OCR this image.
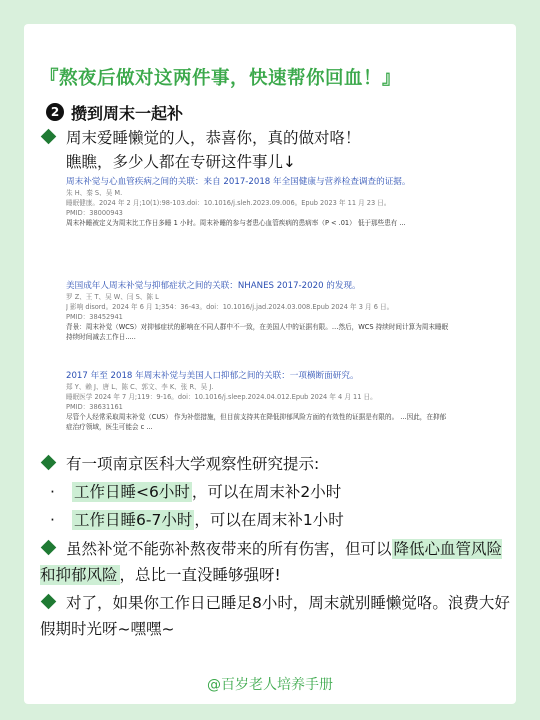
『熬夜后做对这两件事，快速帮你回血！』
2 攒到周末一起补
周末爱睡懒觉的人，恭喜你，真的做对咯！
瞧瞧，多少人都在专研这件事儿↓
周末补觉与心血管疾病之间的关联：来自 2017-2018 年全国健康与营养检查调查的证据。
朱 H、秦 S、吴 M.
睡眠健康。2024 年 2 月;10(1):98-103.doi：10.1016/j.sleh.2023.09.006。Epub 2023 年 11 月 23 日。
PMID：38000943
周末补睡被定义为周末比工作日多睡 1 小时。周末补睡的参与者患心血管疾病的患病率（P < .01） 低于那些患有 ...
美国成年人周末补觉与抑郁症状之间的关联：NHANES 2017-2020 的发现。
罗 Z、王 T、吴 W、闫 S、陈 L
J 影响 disord。2024 年 6 月 1;354：36-43。doi：10.1016/j.jad.2024.03.008.Epub 2024 年 3 月 6 日。
PMID：38452941
背景：周末补觉（WCS）对抑郁症状的影响在不同人群中不一致，在美国人中的证据有限。…然后，WCS 持续时间计算为周末睡眠持续时间减去工作日.....
2017 年至 2018 年周末补觉与美国人口抑郁之间的关联：一项横断面研究。
郑 Y、赖 J、唐 L、陈 C、郭文、李 K、张 R、吴 J.
睡眠医学 2024 年 7 月;119：9-16。doi：10.1016/j.sleep.2024.04.012.Epub 2024 年 4 月 11 日。
PMID：38631161
尽管个人经常采取周末补觉（CUS） 作为补偿措施，但目前支持其在降低抑郁风险方面的有效性的证据是有限的。 ...因此，在抑郁症治疗领域，医生可能会 c ...
有一项南京医科大学观察性研究提示:
· 工作日睡<6小时 ，可以在周末补2小时
· 工作日睡6-7小时 ，可以在周末补1小时
虽然补觉不能弥补熬夜带来的所有伤害，但可以 降低心血管风险和抑郁风险 ，总比一直没睡够强呀!
对了，如果你工作日已睡足8小时，周末就别睡懒觉咯。浪费大好假期时光呀~嘿嘿~
@百岁老人培养手册
